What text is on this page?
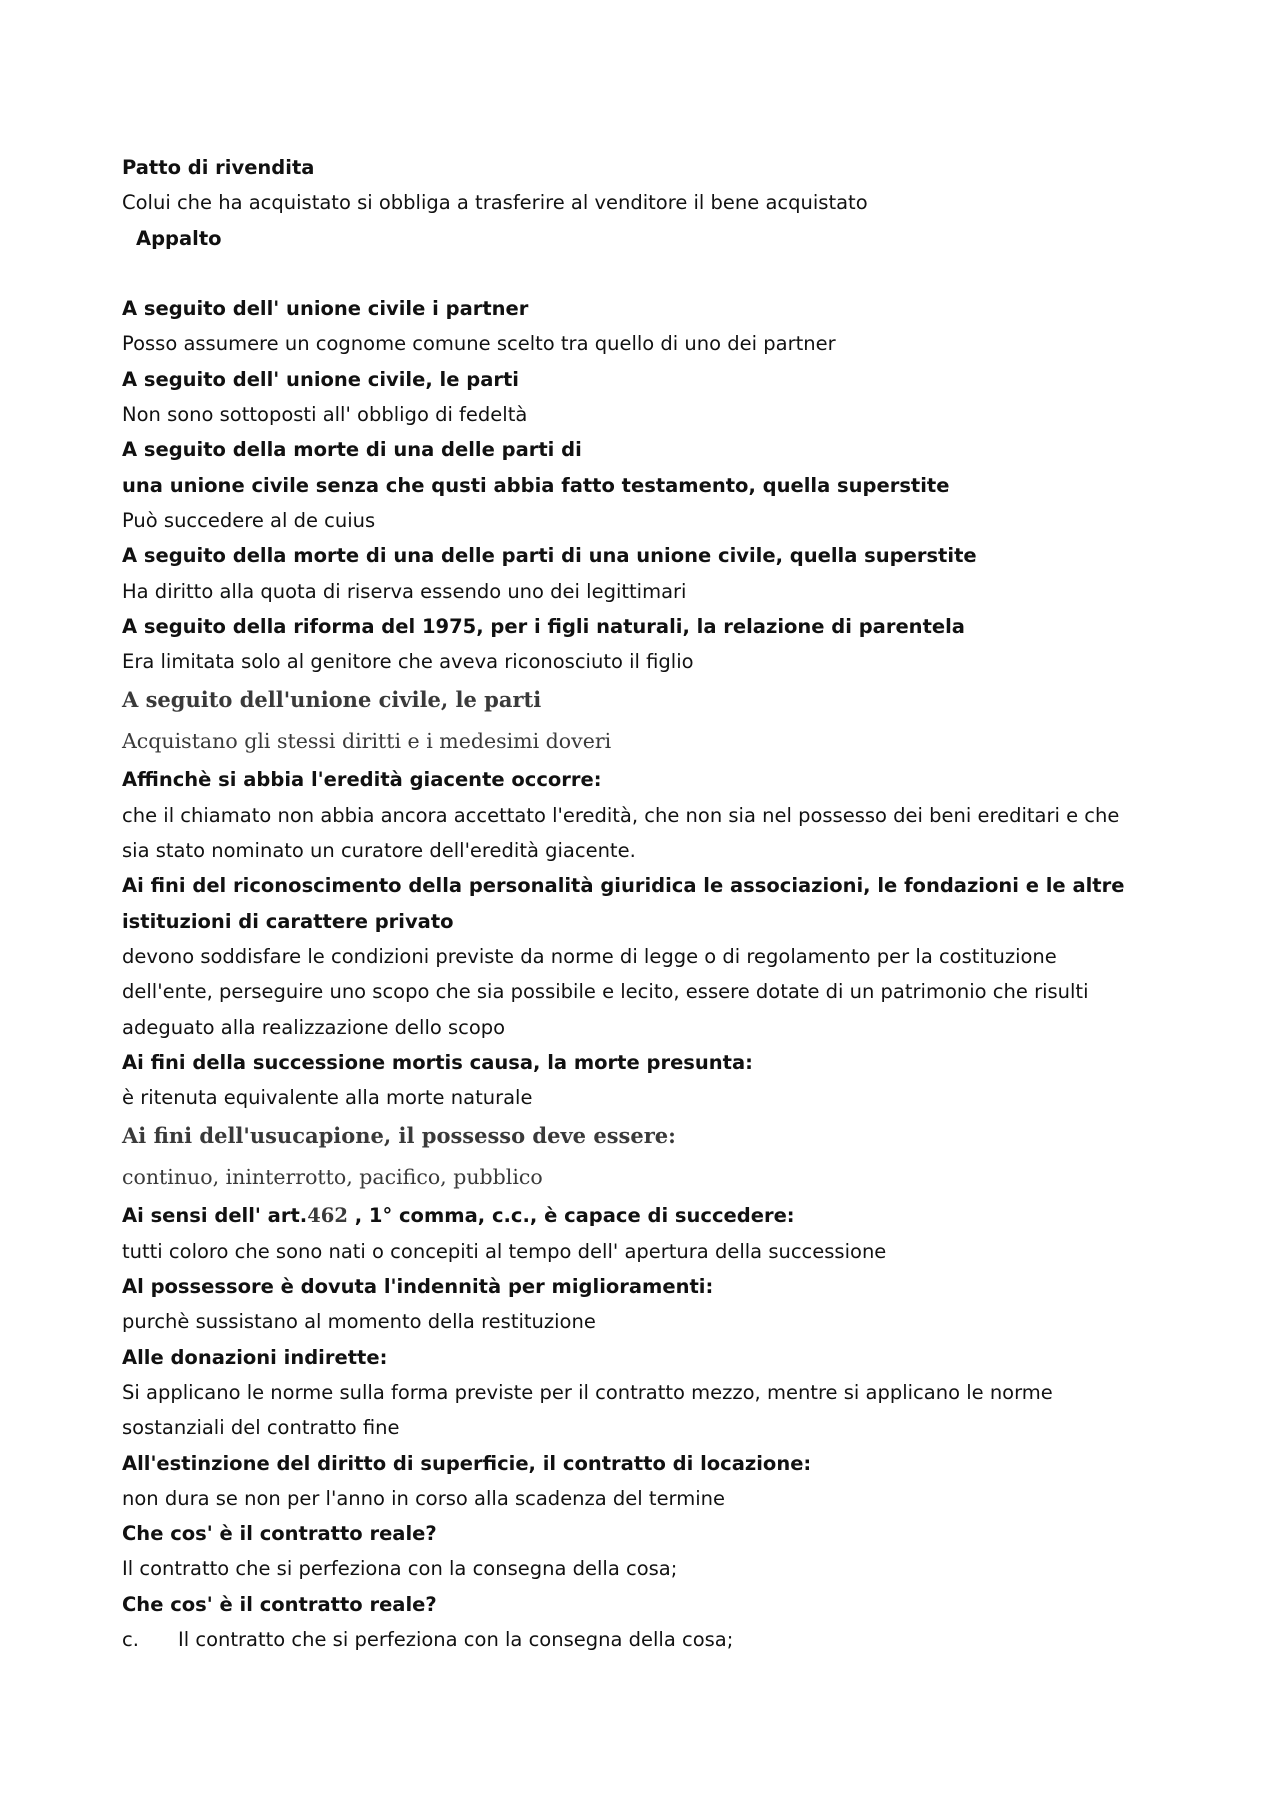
Patto di rivendita
Colui che ha acquistato si obbliga a trasferire al venditore il bene acquistato
Appalto
A seguito dell' unione civile i partner
Posso assumere un cognome comune scelto tra quello di uno dei partner
A seguito dell' unione civile, le parti
Non sono sottoposti all' obbligo di fedeltà
A seguito della morte di una delle parti di
una unione civile senza che qusti abbia fatto testamento, quella superstite
Può succedere al de cuius
A seguito della morte di una delle parti di una unione civile, quella superstite
Ha diritto alla quota di riserva essendo uno dei legittimari
A seguito della riforma del 1975, per i figli naturali, la relazione di parentela
Era limitata solo al genitore che aveva riconosciuto il figlio
A seguito dell'unione civile, le parti
Acquistano gli stessi diritti e i medesimi doveri
Affinchè si abbia l'eredità giacente occorre:
che il chiamato non abbia ancora accettato l'eredità, che non sia nel possesso dei beni ereditari e che
sia stato nominato un curatore dell'eredità giacente.
Ai fini del riconoscimento della personalità giuridica le associazioni, le fondazioni e le altre
istituzioni di carattere privato
devono soddisfare le condizioni previste da norme di legge o di regolamento per la costituzione
dell'ente, perseguire uno scopo che sia possibile e lecito, essere dotate di un patrimonio che risulti
adeguato alla realizzazione dello scopo
Ai fini della successione mortis causa, la morte presunta:
è ritenuta equivalente alla morte naturale
Ai fini dell'usucapione, il possesso deve essere:
continuo, ininterrotto, pacifico, pubblico
Ai sensi dell' art.462 , 1° comma, c.c., è capace di succedere:
tutti coloro che sono nati o concepiti al tempo dell' apertura della successione
Al possessore è dovuta l'indennità per miglioramenti:
purchè sussistano al momento della restituzione
Alle donazioni indirette:
Si applicano le norme sulla forma previste per il contratto mezzo, mentre si applicano le norme
sostanziali del contratto fine
All'estinzione del diritto di superficie, il contratto di locazione:
non dura se non per l'anno in corso alla scadenza del termine
Che cos' è il contratto reale?
Il contratto che si perfeziona con la consegna della cosa;
Che cos' è il contratto reale?
c. Il contratto che si perfeziona con la consegna della cosa;
